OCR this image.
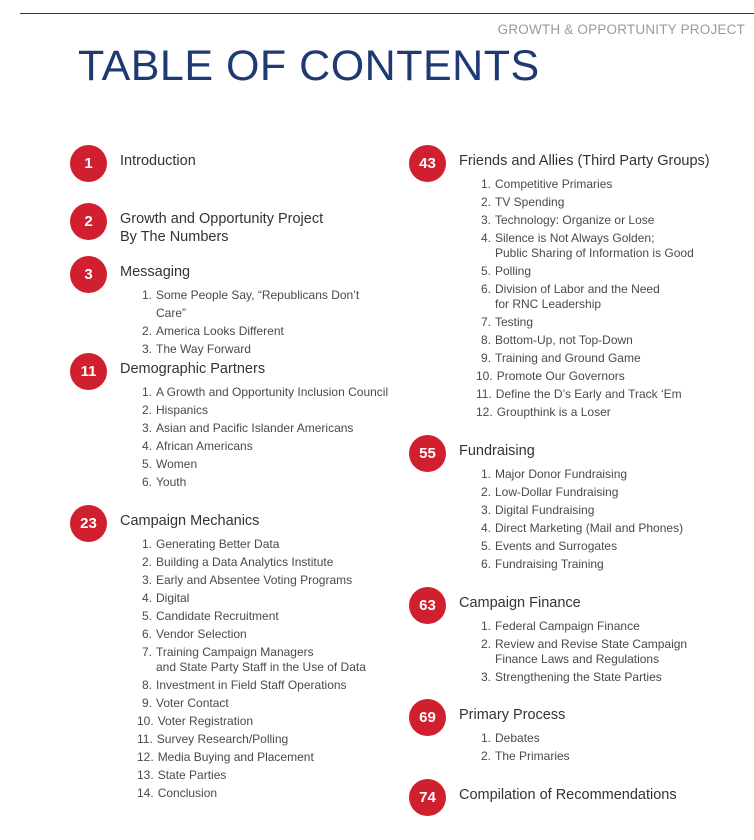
GROWTH & OPPORTUNITY PROJECT
TABLE OF CONTENTS
1	Introduction
2	Growth and Opportunity Project
By The Numbers
3	Messaging
1. Some People Say, “Republicans Don’t Care”
2. America Looks Different
3. The Way Forward
11	Demographic Partners
1. A Growth and Opportunity Inclusion Council
2. Hispanics
3. Asian and Pacific Islander Americans
4. African Americans
5. Women
6. Youth
23	Campaign Mechanics
1. Generating Better Data
2. Building a Data Analytics Institute
3. Early and Absentee Voting Programs
4. Digital
5. Candidate Recruitment
6. Vendor Selection
7. Training Campaign Managers
and State Party Staff in the Use of Data
8. Investment in Field Staff Operations
9. Voter Contact
10. Voter Registration
11. Survey Research/Polling
12. Media Buying and Placement
13. State Parties
14. Conclusion
43	Friends and Allies (Third Party Groups)
1. Competitive Primaries
2. TV Spending
3. Technology: Organize or Lose
4. Silence is Not Always Golden;
Public Sharing of Information is Good
5. Polling
6. Division of Labor and the Need
for RNC Leadership
7. Testing
8. Bottom-Up, not Top-Down
9. Training and Ground Game
10. Promote Our Governors
11. Define the D’s Early and Track ‘Em
12. Groupthink is a Loser
55	Fundraising
1. Major Donor Fundraising
2. Low-Dollar Fundraising
3. Digital Fundraising
4. Direct Marketing (Mail and Phones)
5. Events and Surrogates
6. Fundraising Training
63	Campaign Finance
1. Federal Campaign Finance
2. Review and Revise State Campaign
Finance Laws and Regulations
3. Strengthening the State Parties
69	Primary Process
1. Debates
2. The Primaries
74	Compilation of Recommendations
